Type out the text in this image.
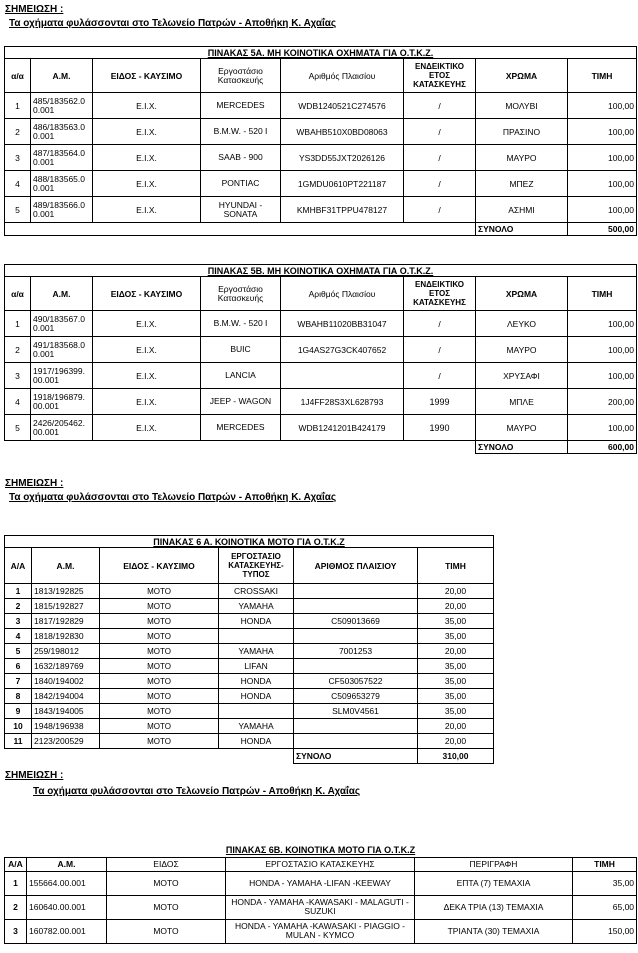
ΣΗΜΕΙΩΣΗ :
Τα οχήματα φυλάσσονται στο Τελωνείο Πατρών - Αποθήκη Κ. Αχαΐας
ΠΙΝΑΚΑΣ 5Α. ΜΗ ΚΟΙΝΟΤΙΚΑ ΟΧΗΜΑΤΑ ΓΙΑ Ο.Τ.Κ.Ζ.							
α/α	Α.Μ.	ΕΙΔΟΣ - ΚΑΥΣΙΜΟ	Εργοστάσιο Κατασκευής	Αριθμός Πλαισίου	ΕΝΔΕΙΚΤΙΚΟ ΕΤΟΣ ΚΑΤΑΣΚΕΥΗΣ	ΧΡΩΜΑ	ΤΙΜΗ
1	485/183562.0 0.001	Ε.Ι.Χ.	MERCEDES	WDB1240521C274576	/	ΜΟΛΥΒΙ	100,00
2	486/183563.0 0.001	Ε.Ι.Χ.	B.M.W. - 520 I	WBAHB510X0BD08063	/	ΠΡΑΣΙΝΟ	100,00
3	487/183564.0 0.001	Ε.Ι.Χ.	SAAB - 900	YS3DD55JXT2026126	/	ΜΑΥΡΟ	100,00
4	488/183565.0 0.001	Ε.Ι.Χ.	PONTIAC	1GMDU0610PT221187	/	ΜΠΕΖ	100,00
5	489/183566.0 0.001	Ε.Ι.Χ.	HYUNDAI - SONATA	KMHBF31TPPU478127	/	ΑΣΗΜΙ	100,00
						ΣΥΝΟΛΟ	500,00
ΠΙΝΑΚΑΣ 5Β. ΜΗ ΚΟΙΝΟΤΙΚΑ ΟΧΗΜΑΤΑ ΓΙΑ Ο.Τ.Κ.Ζ.							
α/α	Α.Μ.	ΕΙΔΟΣ - ΚΑΥΣΙΜΟ	Εργοστάσιο Κατασκευής	Αριθμός Πλαισίου	ΕΝΔΕΙΚΤΙΚΟ ΕΤΟΣ ΚΑΤΑΣΚΕΥΗΣ	ΧΡΩΜΑ	ΤΙΜΗ
1	490/183567.0 0.001	Ε.Ι.Χ.	B.M.W. - 520 I	WBAHB11020BB31047	/	ΛΕΥΚΟ	100,00
2	491/183568.0 0.001	Ε.Ι.Χ.	BUIC	1G4AS27G3CK407652	/	ΜΑΥΡΟ	100,00
3	1917/196399. 00.001	Ε.Ι.Χ.	LANCIA		/	ΧΡΥΣΑΦΙ	100,00
4	1918/196879. 00.001	Ε.Ι.Χ.	JEEP - WAGON	1J4FF28S3XL628793	1999	ΜΠΛΕ	200,00
5	2426/205462. 00.001	Ε.Ι.Χ.	MERCEDES	WDB1241201B424179	1990	ΜΑΥΡΟ	100,00
						ΣΥΝΟΛΟ	600,00
ΣΗΜΕΙΩΣΗ :
Τα οχήματα φυλάσσονται στο Τελωνείο Πατρών - Αποθήκη Κ. Αχαΐας
ΠΙΝΑΚΑΣ 6 Α. ΚΟΙΝΟΤΙΚΑ ΜΟΤΟ ΓΙΑ Ο.Τ.Κ.Ζ					
Α/Α	Α.Μ.	ΕΙΔΟΣ - ΚΑΥΣΙΜΟ	ΕΡΓΟΣΤΑΣΙΟ ΚΑΤΑΣΚΕΥΗΣ- ΤΥΠΟΣ	ΑΡΙΘΜΟΣ ΠΛΑΙΣΙΟΥ	ΤΙΜΗ
1	1813/192825	ΜΟΤΟ	CROSSAKI		20,00
2	1815/192827	ΜΟΤΟ	YAMAHA		20,00
3	1817/192829	ΜΟΤΟ	HONDA	C509013669	35,00
4	1818/192830	ΜΟΤΟ			35,00
5	259/198012	ΜΟΤΟ	YAMAHA	7001253	20,00
6	1632/189769	ΜΟΤΟ	LIFAN		35,00
7	1840/194002	ΜΟΤΟ	HONDA	CF503057522	35,00
8	1842/194004	ΜΟΤΟ	HONDA	C509653279	35,00
9	1843/194005	ΜΟΤΟ		SLM0V4561	35,00
10	1948/196938	ΜΟΤΟ	YAMAHA		20,00
11	2123/200529	ΜΟΤΟ	HONDA		20,00
				ΣΥΝΟΛΟ	310,00
ΣΗΜΕΙΩΣΗ :
Τα οχήματα φυλάσσονται στο Τελωνείο Πατρών - Αποθήκη Κ. Αχαΐας
ΠΙΝΑΚΑΣ 6Β. ΚΟΙΝΟΤΙΚΑ ΜΟΤΟ ΓΙΑ Ο.Τ.Κ.Ζ					
Α/Α	Α.Μ.	ΕΙΔΟΣ	ΕΡΓΟΣΤΑΣΙΟ ΚΑΤΑΣΚΕΥΗΣ	ΠΕΡΙΓΡΑΦΗ	ΤΙΜΗ
1	155664.00.001	ΜΟΤΟ	HONDA - YAMAHA -LIFAN -KEEWAY	ΕΠΤΑ (7) ΤΕΜΑΧΙΑ	35,00
2	160640.00.001	ΜΟΤΟ	HONDA - YAMAHA -KAWASAKI - MALAGUTI - SUZUKI	ΔΕΚΑ ΤΡΙΑ (13) ΤΕΜΑΧΙΑ	65,00
3	160782.00.001	ΜΟΤΟ	HONDA - YAMAHA -KAWASAKI - PIAGGIO - MULAN - KYMCO	ΤΡΙΑΝΤΑ (30) ΤΕΜΑΧΙΑ	150,00
